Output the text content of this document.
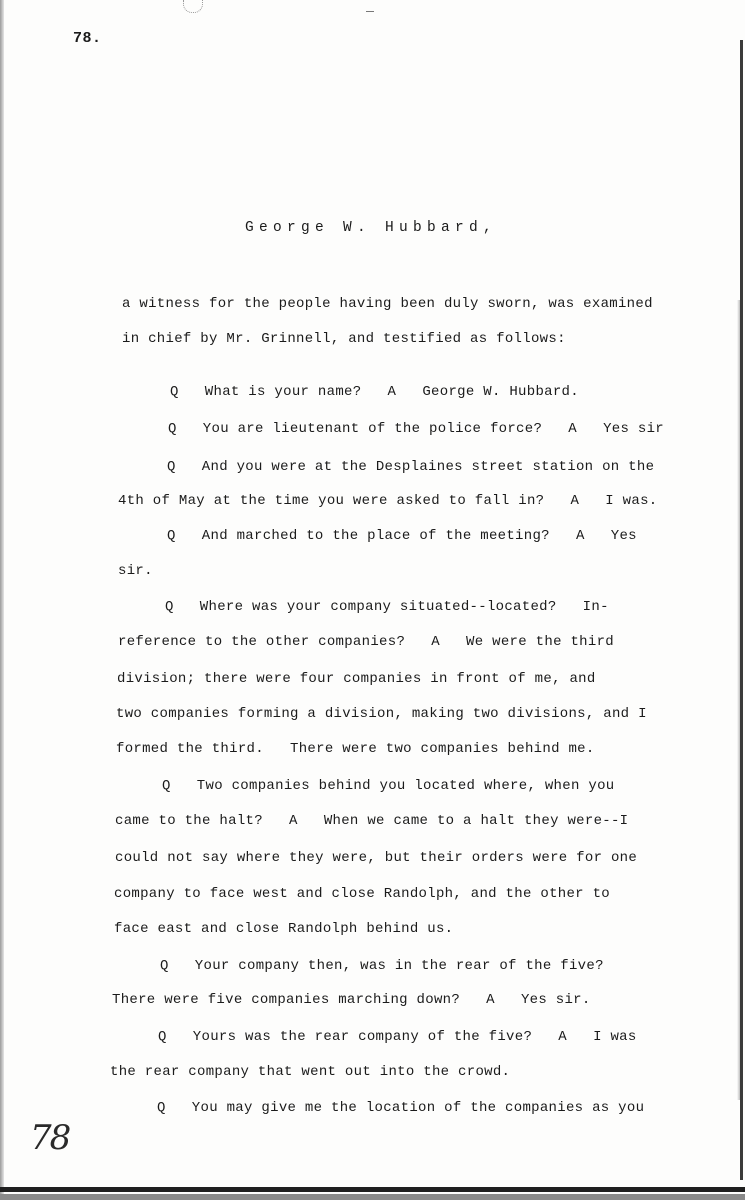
78.
George W. Hubbard,
a witness for the people having been duly sworn, was examined
in chief by Mr. Grinnell, and testified as follows:
Q   What is your name?   A   George W. Hubbard.
Q   You are lieutenant of the police force?   A   Yes sir
Q   And you were at the Desplaines street station on the
4th of May at the time you were asked to fall in?   A   I was.
Q   And marched to the place of the meeting?   A   Yes
sir.
Q   Where was your company situated--located?   In-
reference to the other companies?   A   We were the third
division; there were four companies in front of me, and
two companies forming a division, making two divisions, and I
formed the third.   There were two companies behind me.
Q   Two companies behind you located where, when you
came to the halt?   A   When we came to a halt they were--I
could not say where they were, but their orders were for one
company to face west and close Randolph, and the other to
face east and close Randolph behind us.
Q   Your company then, was in the rear of the five?
There were five companies marching down?   A   Yes sir.
Q   Yours was the rear company of the five?   A   I was
the rear company that went out into the crowd.
Q   You may give me the location of the companies as you
78
